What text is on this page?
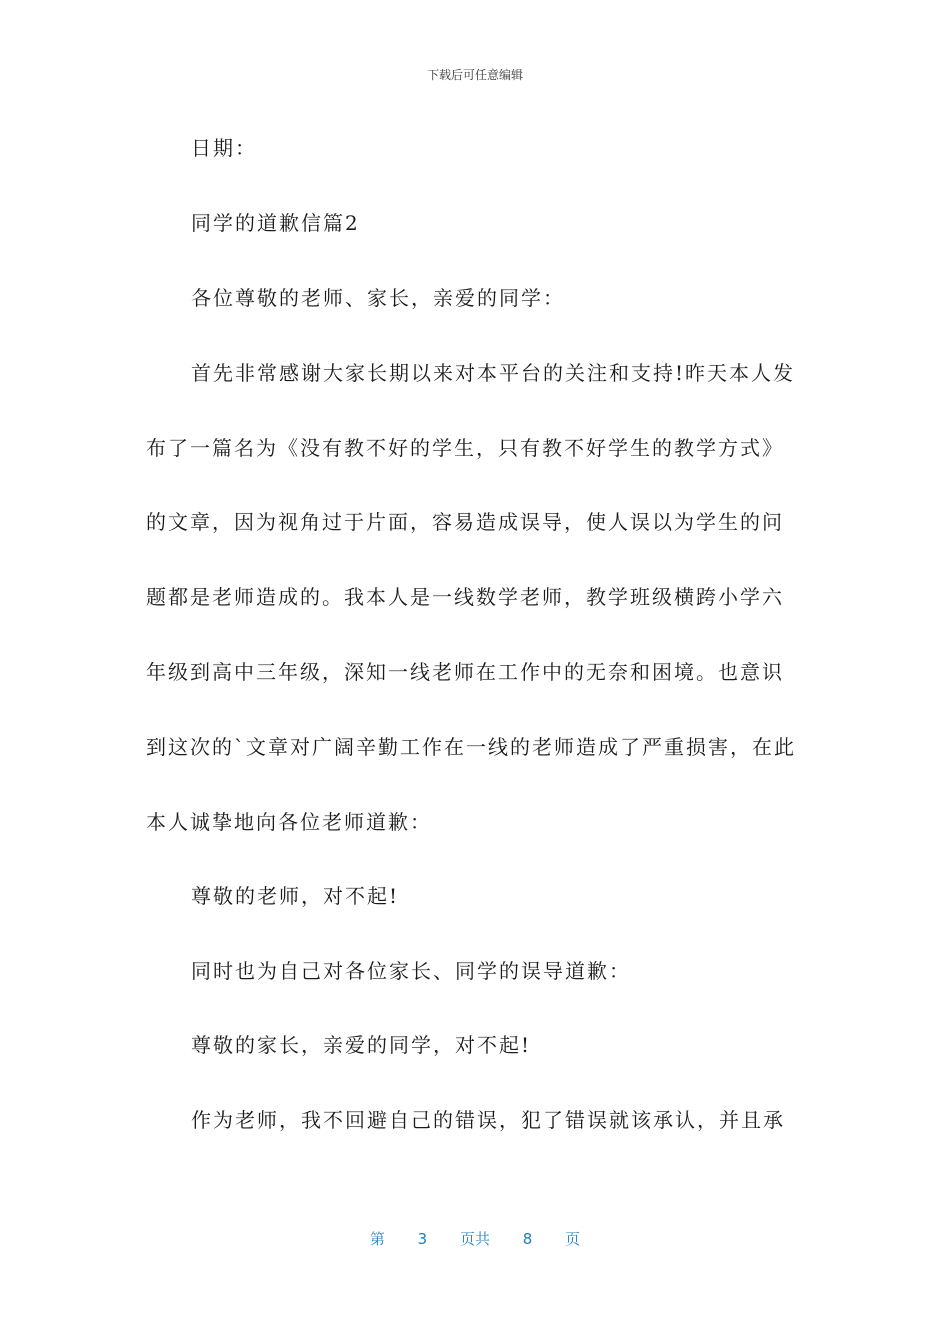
下载后可任意编辑
日期：
同学的道歉信篇2
各位尊敬的老师、家长，亲爱的同学：
首先非常感谢大家长期以来对本平台的关注和支持!昨天本人发
布了一篇名为《没有教不好的学生，只有教不好学生的教学方式》
的文章，因为视角过于片面，容易造成误导，使人误以为学生的问
题都是老师造成的。我本人是一线数学老师，教学班级横跨小学六
年级到高中三年级，深知一线老师在工作中的无奈和困境。也意识
到这次的`文章对广阔辛勤工作在一线的老师造成了严重损害，在此
本人诚挚地向各位老师道歉：
尊敬的老师，对不起!
同时也为自己对各位家长、同学的误导道歉：
尊敬的家长，亲爱的同学，对不起!
作为老师，我不回避自己的错误，犯了错误就该承认，并且承
第 3 页共 8 页
